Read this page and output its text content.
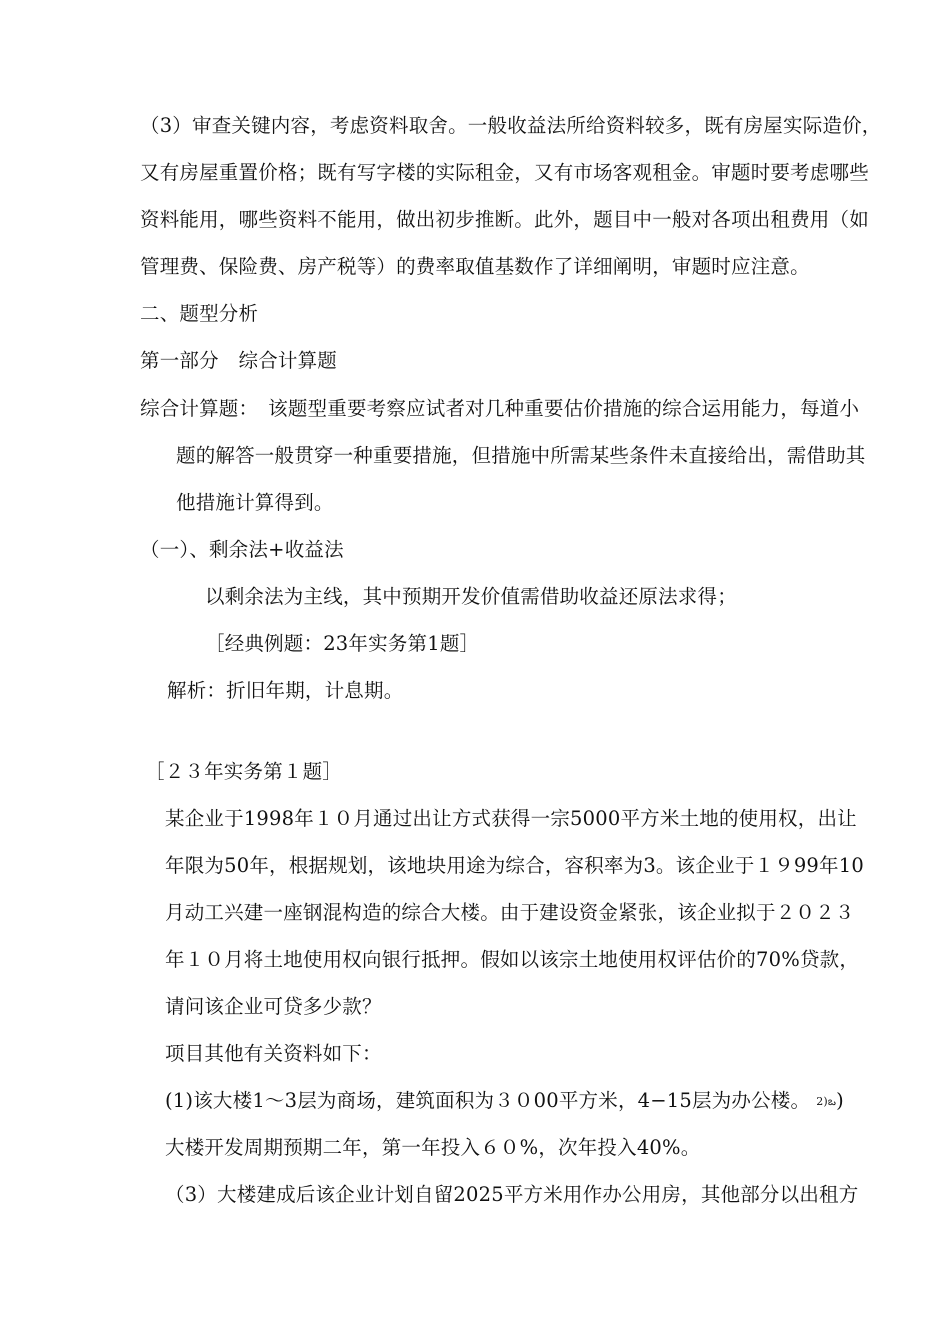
（3）审查关键内容，考虑资料取舍。一般收益法所给资料较多，既有房屋实际造价，
又有房屋重置价格；既有写字楼的实际租金，又有市场客观租金。审题时要考虑哪些
资料能用，哪些资料不能用，做出初步推断。此外，题目中一般对各项出租费用（如
管理费、保险费、房产税等）的费率取值基数作了详细阐明，审题时应注意。
二、题型分析
第一部分　综合计算题
综合计算题：　该题型重要考察应试者对几种重要估价措施的综合运用能力，每道小
题的解答一般贯穿一种重要措施，但措施中所需某些条件未直接给出，需借助其
他措施计算得到。
（一）、剩余法+收益法
以剩余法为主线，其中预期开发价值需借助收益还原法求得；
［经典例题：23年实务第1题］
解析：折旧年期，计息期。
［２３年实务第１题］
某企业于1998年１０月通过出让方式获得一宗5000平方米土地的使用权，出让
年限为50年，根据规划，该地块用途为综合，容积率为3。该企业于１９99年10
月动工兴建一座钢混构造的综合大楼。由于建设资金紧张，该企业拟于２０２３
年１０月将土地使用权向银行抵押。假如以该宗土地使用权评估价的70%贷款，
请问该企业可贷多少款？
项目其他有关资料如下：
(1)该大楼1～3层为商场，建筑面积为３０00平方米，4−15层为办公楼。 2)ఒ)
大楼开发周期预期二年，第一年投入６０%，次年投入40%。
（3）大楼建成后该企业计划自留2025平方米用作办公用房，其他部分以出租方
